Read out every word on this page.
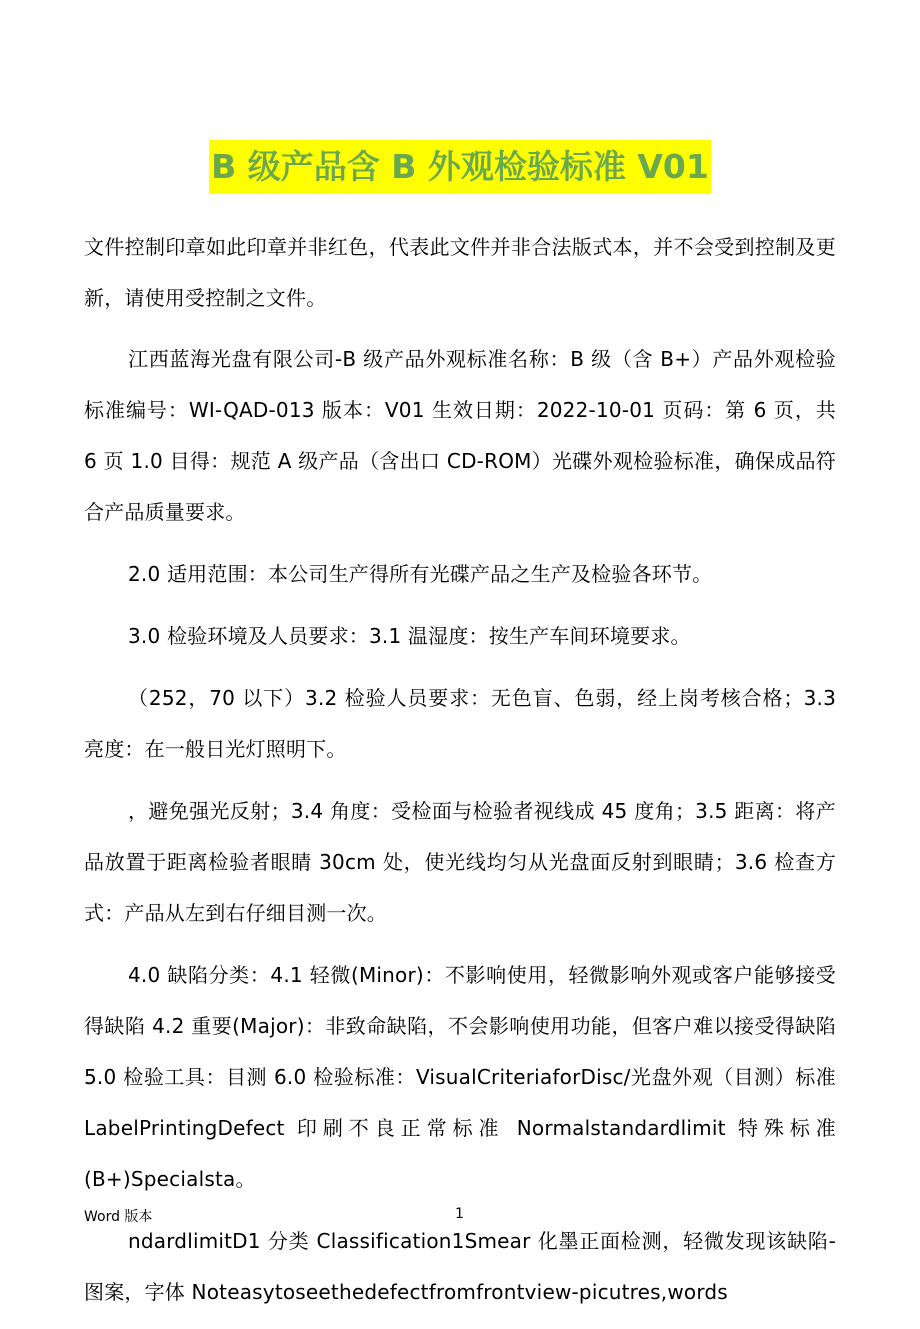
B 级产品含 B 外观检验标准 V01

文件控制印章如此印章并非红色，代表此文件并非合法版式本，并不会受到控制及更新，请使用受控制之文件。

江西蓝海光盘有限公司-B 级产品外观标准名称：B 级（含 B+）产品外观检验标准编号：WI-QAD-013 版本：V01 生效日期：2022-10-01 页码：第 6 页，共 6 页 1.0 目得：规范 A 级产品（含出口 CD-ROM）光碟外观检验标准，确保成品符合产品质量要求。

2.0 适用范围：本公司生产得所有光碟产品之生产及检验各环节。

3.0 检验环境及人员要求：3.1 温湿度：按生产车间环境要求。

（252，70 以下）3.2 检验人员要求：无色盲、色弱，经上岗考核合格；3.3 亮度：在一般日光灯照明下。

，避免强光反射；3.4 角度：受检面与检验者视线成 45 度角；3.5 距离：将产品放置于距离检验者眼睛 30cm 处，使光线均匀从光盘面反射到眼睛；3.6 检查方式：产品从左到右仔细目测一次。

4.0 缺陷分类：4.1 轻微(Minor)：不影响使用，轻微影响外观或客户能够接受得缺陷 4.2 重要(Major)：非致命缺陷，不会影响使用功能，但客户难以接受得缺陷 5.0 检验工具：目测 6.0 检验标准：VisualCriteriaforDisc/光盘外观（目测）标准 LabelPrintingDefect 印刷不良正常标准 Normalstandardlimit 特殊标准(B+)Specialsta。

ndardlimitD1 分类 Classification1Smear 化墨正面检测，轻微发现该缺陷-图案，字体 Noteasytoseethedefectfromfrontview-picutres,words

Word 版本	1
